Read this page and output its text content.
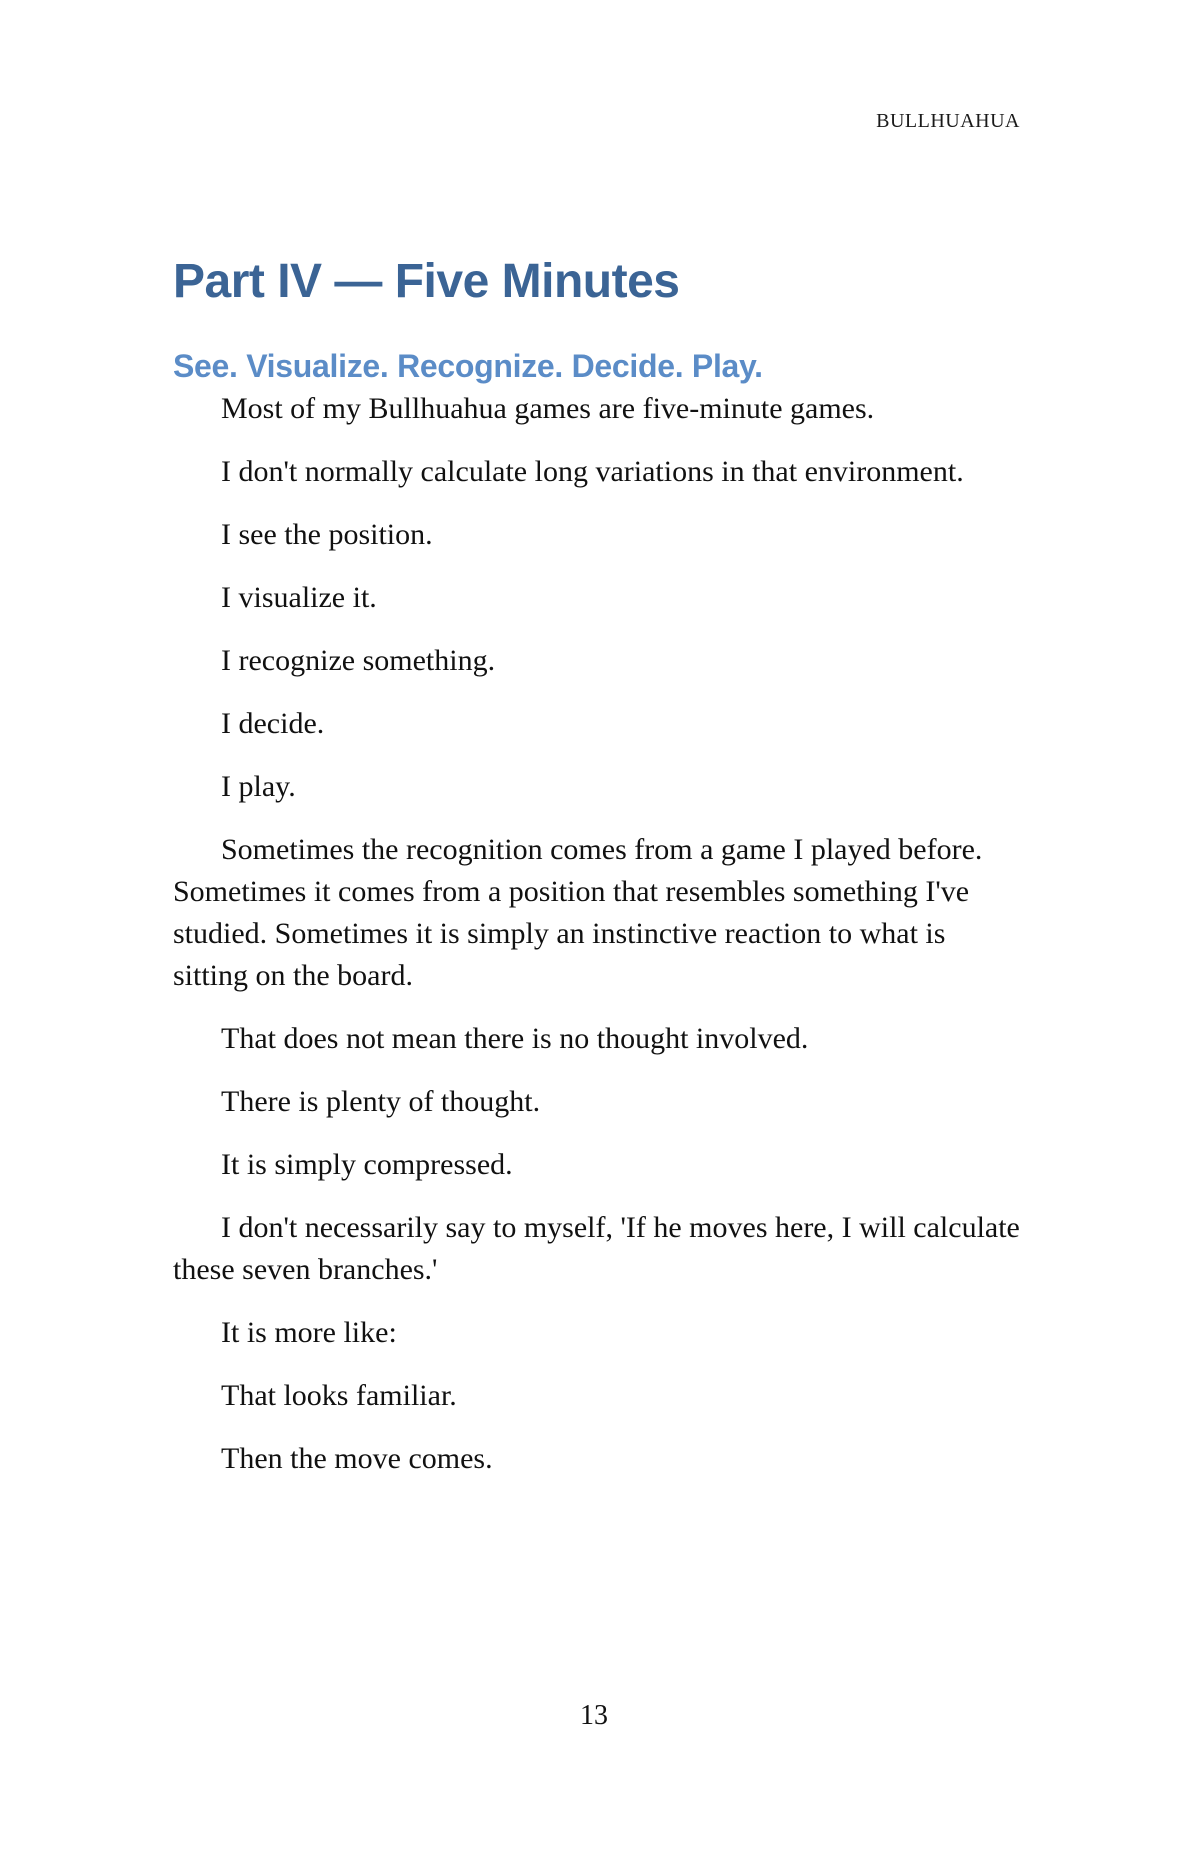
BULLHUAHUA
Part IV — Five Minutes
See. Visualize. Recognize. Decide. Play.

Most of my Bullhuahua games are five-minute games.

I don't normally calculate long variations in that environment.

I see the position.

I visualize it.

I recognize something.

I decide.

I play.

Sometimes the recognition comes from a game I played before. Sometimes it comes from a position that resembles something I've studied. Sometimes it is simply an instinctive reaction to what is sitting on the board.

That does not mean there is no thought involved.

There is plenty of thought.

It is simply compressed.

I don't necessarily say to myself, 'If he moves here, I will calculate these seven branches.'

It is more like:

That looks familiar.

Then the move comes.

13
